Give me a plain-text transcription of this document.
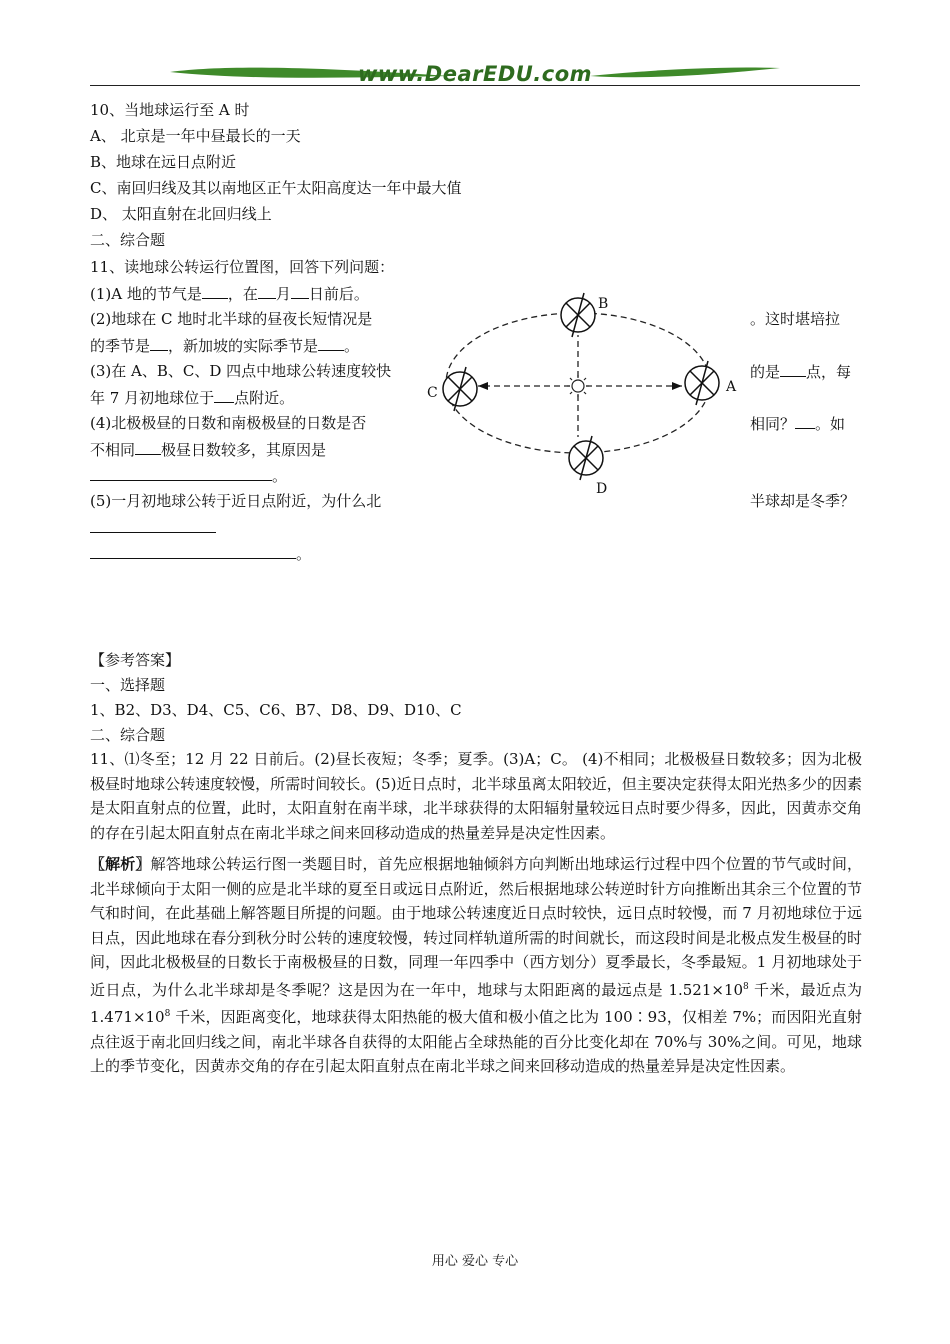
www.DearEDU.com
10、当地球运行至 A 时
A、 北京是一年中昼最长的一天
B、地球在远日点附近
C、南回归线及其以南地区正午太阳高度达一年中最大值
D、 太阳直射在北回归线上
二、综合题
11、读地球公转运行位置图，回答下列问题：
(1)A 地的节气是 ，在 月 日前后。
(2)地球在 C 地时北半球的昼夜长短情况是	。这时堪培拉
的季节是 ，新加坡的实际季节是 。
(3)在 A、B、C、D 四点中地球公转速度较快	的是 点，每
年 7 月初地球位于 点附近。
(4)北极极昼的日数和南极极昼的日数是否	相同？ 。如
不相同 极昼日数较多，其原因是
。
(5)一月初地球公转于近日点附近，为什么北	半球却是冬季？
。
A
B
C
D
【参考答案】
一、选择题
1、B2、D3、D4、C5、C6、B7、D8、D9、D10、C
二、综合题
11、⑴冬至；12 月 22 日前后。(2)昼长夜短；冬季；夏季。(3)A；C。 (4)不相同；北极极昼日数较多；因为北极极昼时地球公转速度较慢，所需时间较长。(5)近日点时，北半球虽离太阳较近，但主要决定获得太阳光热多少的因素是太阳直射点的位置，此时，太阳直射在南半球，北半球获得的太阳辐射量较远日点时要少得多，因此，因黄赤交角的存在引起太阳直射点在南北半球之间来回移动造成的热量差异是决定性因素。
〖解析〗解答地球公转运行图一类题目时，首先应根据地轴倾斜方向判断出地球运行过程中四个位置的节气或时间，北半球倾向于太阳一侧的应是北半球的夏至日或远日点附近，然后根据地球公转逆时针方向推断出其余三个位置的节气和时间，在此基础上解答题目所提的问题。由于地球公转速度近日点时较快，远日点时较慢，而 7 月初地球位于远日点，因此地球在春分到秋分时公转的速度较慢，转过同样轨道所需的时间就长，而这段时间是北极点发生极昼的时间，因此北极极昼的日数长于南极极昼的日数，同理一年四季中（西方划分）夏季最长，冬季最短。1 月初地球处于近日点，为什么北半球却是冬季呢？这是因为在一年中，地球与太阳距离的最远点是 $1.521\times 10^8$ 千米，最近点为 $1.471\times 10^8$ 千米，因距离变化，地球获得太阳热能的极大值和极小值之比为 100∶93，仅相差 7%；而因阳光直射点往返于南北回归线之间，南北半球各自获得的太阳能占全球热能的百分比变化却在 70%与 30%之间。可见，地球上的季节变化，因黄赤交角的存在引起太阳直射点在南北半球之间来回移动造成的热量差异是决定性因素。
用心 爱心 专心
